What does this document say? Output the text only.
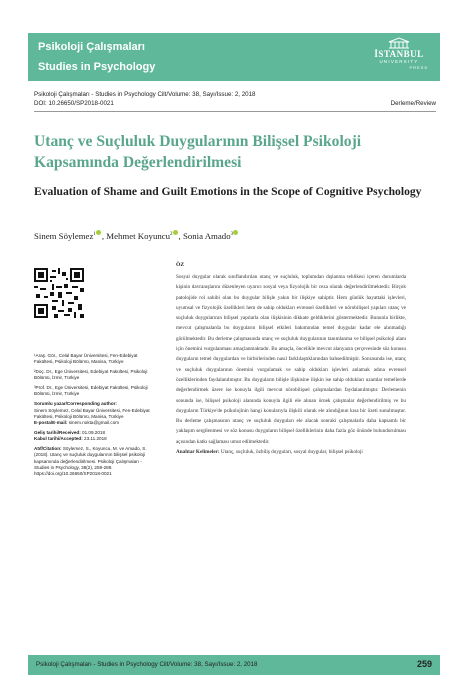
Psikoloji Çalışmaları
Studies in Psychology
İSTANBUL
UNIVERSITY
PRESS
Psikoloji Çalışmaları - Studies in Psychology Cilt/Volume: 38, Sayı/Issue: 2, 2018
DOI: 10.26650/SP2018-0021	Derleme/Review
Utanç ve Suçluluk Duygularının Bilişsel Psikoloji Kapsamında Değerlendirilmesi
Evaluation of Shame and Guilt Emotions in the Scope of Cognitive Psychology
Sinem Söylemez$^1$ , Mehmet Koyuncu$^2$ , Sonia Amado$^3$

¹Araş. Gör., Celal Bayar Üniversitesi, Fen-Edebiyat Fakültesi, Psikoloji Bölümü, Manisa, Türkiye

²Doç. Dr., Ege Üniversitesi, Edebiyat Fakültesi, Psikoloji Bölümü, İzmir, Türkiye

³Prof. Dr., Ege Üniversitesi, Edebiyat Fakültesi, Psikoloji Bölümü, İzmir, Türkiye

Sorumlu yazar/Corresponding author:
Sinem Söylemez, Celal Bayar Üniversitesi, Fen-Edebiyat Fakültesi, Psikoloji Bölümü, Manisa, Türkiye
E-posta/E-mail: sinem.nokta@gmail.com

Geliş tarihi/Received: 01.09.2018
Kabul tarihi/Accepted: 23.11.2018

Atıf/Citation: Söylemez, S., Koyuncu, M. ve Amado, S. (2018). Utanç ve suçluluk duygularının bilişsel psikoloji kapsamında değerlendirilmesi. Psikoloji Çalışmaları - Studies in Psychology, 38(2), 259-288. https://doi.org/10.26650/SP2018-0021

ÖZ

Sosyal duygular olarak sınıflandırılan utanç ve suçluluk, toplumdan dışlanma tehlikesi içeren durumlarda kişinin davranışlarını düzenleyen uyarıcı sosyal veya fizyolojik bir ceza olarak değerlendirilmektedir. Birçok patolojide rol sahibi olan bu duygular bilişle yakın bir ilişkiye sahiptir. Hem günlük hayattaki işlevleri, uyumsal ve fizyolojik özellikleri hem de sahip oldukları evrensel özellikleri ve nörobilişsel yapıları utanç ve suçluluk duygularının bilişsel yapılarla olan ilişkisinin dikkate geldiklerini göstermektedir. Bununla birlikte, mevcut çalışmalarda bu duyguların bilişsel etkileri bakımından temel duygular kadar ele alınmadığı görülmektedir. Bu derleme çalışmasında utanç ve suçluluk duygularının tanımlanma ve bilişsel psikoloji alanı için önemini vurgulanması amaçlanmaktadır. Bu amaçla, öncelikle mevcut alanyazın çerçevesinde söz konusu duyguların temel duygulardan ve birbirlerinden nasıl farklılaştıklarından bahsedilmiştir. Sonrasında ise, utanç ve suçluluk duygularının önemini vurgulamak ve sahip oldukları işlevleri anlamak adına evrensel özelliklerinden faydalanılmıştır. Bu duyguların bilişle ilişkisine ilişkin ise sahip oldukları uzamlar temellerde değerlendirmek üzere ise konuyla ilgili mevcut nörobilişsel çalışmalardan faydalanılmıştır. Derlemenin sonunda ise, bilişsel psikoloji alanında konuyla ilgili ele alınan örnek çalışmalar değerlendirilmiş ve bu duyguların Türkiye'de psikolojinin hangi konularıyla ilişkili olarak ele alındığının kısa bir özeti sunulmuştur. Bu derleme çalışmasının utanç ve suçluluk duyguları ele alacak sonraki çalışmalarla daha kapsamlı bir yaklaşım sergilenmesi ve söz konusu duyguların bilişsel özelliklerinin daha fazla göz önünde bulundurulması açısından katkı sağlaması umut edilmektedir.

Anahtar Kelimeler: Utanç, suçluluk, özbiliş duyguları, sosyal duygular, bilişsel psikoloji

Psikoloji Çalışmaları - Studies in Psychology Cilt/Volume: 38, Sayı/Issue: 2, 2018	259
